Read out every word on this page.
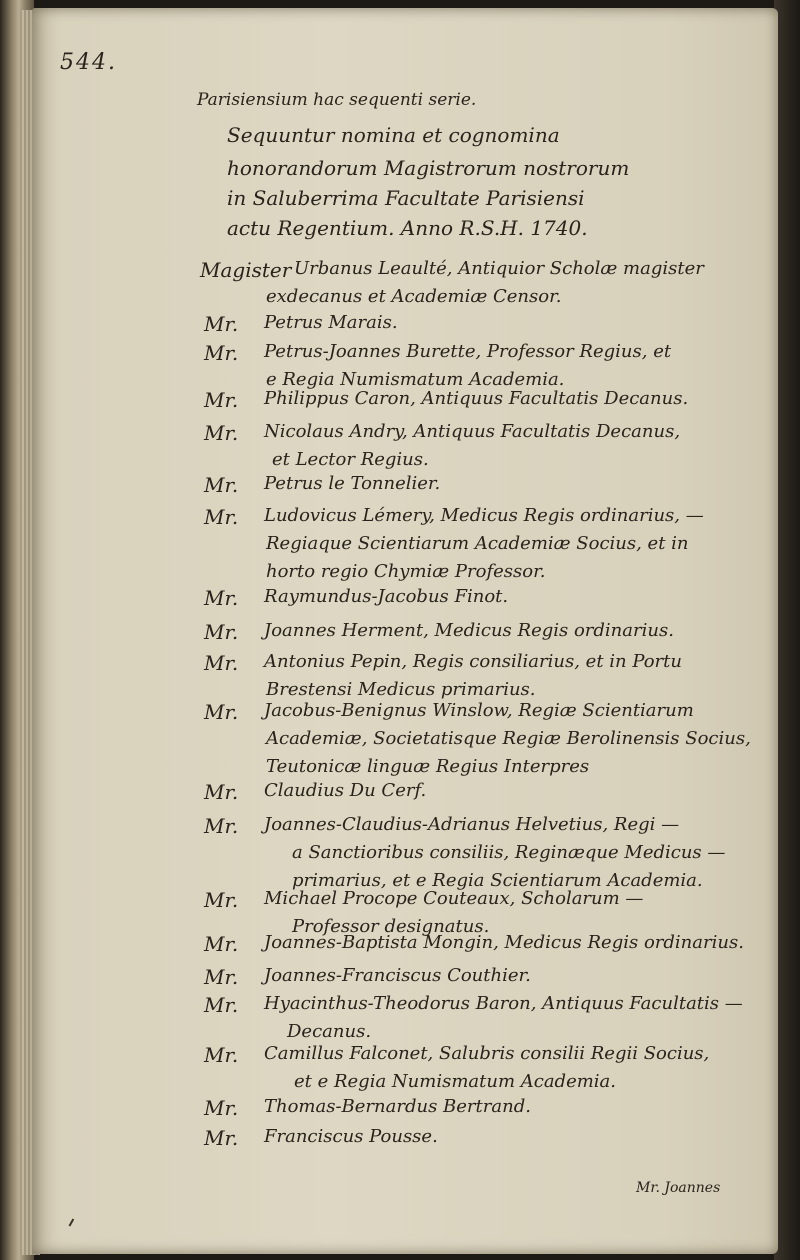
544.
Parisiensium hac sequenti serie.
Sequuntur nomina et cognomina
honorandorum Magistrorum nostrorum
in Saluberrima Facultate Parisiensi
actu Regentium. Anno R.S.H. 1740.
Magister Urbanus Leaulté, Antiquior Scholæ magister
exdecanus et Academiæ Censor.
Mr. Petrus Marais.
Mr. Petrus-Joannes Burette, Professor Regius, et
e Regia Numismatum Academia.
Mr. Philippus Caron, Antiquus Facultatis Decanus.
Mr. Nicolaus Andry, Antiquus Facultatis Decanus,
et Lector Regius.
Mr. Petrus le Tonnelier.
Mr. Ludovicus Lémery, Medicus Regis ordinarius, —
Regiaque Scientiarum Academiæ Socius, et in
horto regio Chymiæ Professor.
Mr. Raymundus-Jacobus Finot.
Mr. Joannes Herment, Medicus Regis ordinarius.
Mr. Antonius Pepin, Regis consiliarius, et in Portu
Brestensi Medicus primarius.
Mr. Jacobus-Benignus Winslow, Regiæ Scientiarum
Academiæ, Societatisque Regiæ Berolinensis Socius,
Teutonicæ linguæ Regius Interpres
Mr. Claudius Du Cerf.
Mr. Joannes-Claudius-Adrianus Helvetius, Regi —
a Sanctioribus consiliis, Reginæque Medicus —
primarius, et e Regia Scientiarum Academia.
Mr. Michael Procope Couteaux, Scholarum —
Professor designatus.
Mr. Joannes-Baptista Mongin, Medicus Regis ordinarius.
Mr. Joannes-Franciscus Couthier.
Mr. Hyacinthus-Theodorus Baron, Antiquus Facultatis —
Decanus.
Mr. Camillus Falconet, Salubris consilii Regii Socius,
et e Regia Numismatum Academia.
Mr. Thomas-Bernardus Bertrand.
Mr. Franciscus Pousse.
Mr. Joannes
